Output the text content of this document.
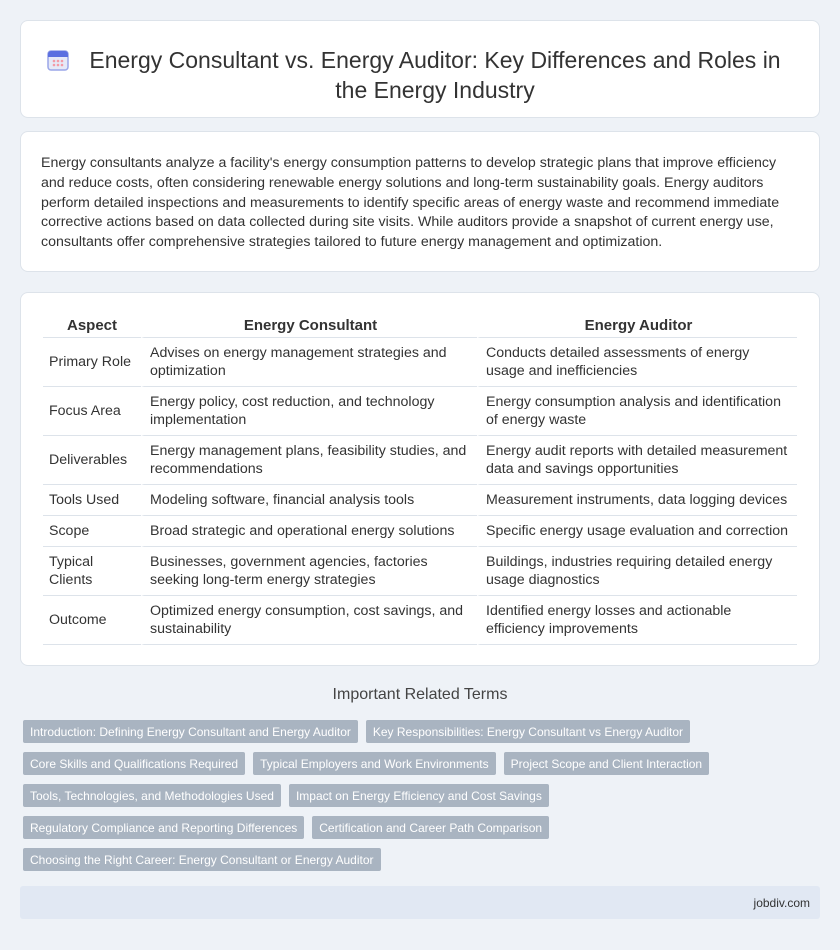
Energy Consultant vs. Energy Auditor: Key Differences and Roles in the Energy Industry

Energy consultants analyze a facility's energy consumption patterns to develop strategic plans that improve efficiency and reduce costs, often considering renewable energy solutions and long-term sustainability goals. Energy auditors perform detailed inspections and measurements to identify specific areas of energy waste and recommend immediate corrective actions based on data collected during site visits. While auditors provide a snapshot of current energy use, consultants offer comprehensive strategies tailored to future energy management and optimization.

Aspect	Energy Consultant	Energy Auditor
Primary Role	Advises on energy management strategies and optimization	Conducts detailed assessments of energy usage and inefficiencies
Focus Area	Energy policy, cost reduction, and technology implementation	Energy consumption analysis and identification of energy waste
Deliverables	Energy management plans, feasibility studies, and recommendations	Energy audit reports with detailed measurement data and savings opportunities
Tools Used	Modeling software, financial analysis tools	Measurement instruments, data logging devices
Scope	Broad strategic and operational energy solutions	Specific energy usage evaluation and correction
Typical Clients	Businesses, government agencies, factories seeking long-term energy strategies	Buildings, industries requiring detailed energy usage diagnostics
Outcome	Optimized energy consumption, cost savings, and sustainability	Identified energy losses and actionable efficiency improvements
Important Related Terms
Introduction: Defining Energy Consultant and Energy Auditor	Key Responsibilities: Energy Consultant vs Energy Auditor
Core Skills and Qualifications Required	Typical Employers and Work Environments	Project Scope and Client Interaction
Tools, Technologies, and Methodologies Used	Impact on Energy Efficiency and Cost Savings
Regulatory Compliance and Reporting Differences	Certification and Career Path Comparison
Choosing the Right Career: Energy Consultant or Energy Auditor
jobdiv.com
